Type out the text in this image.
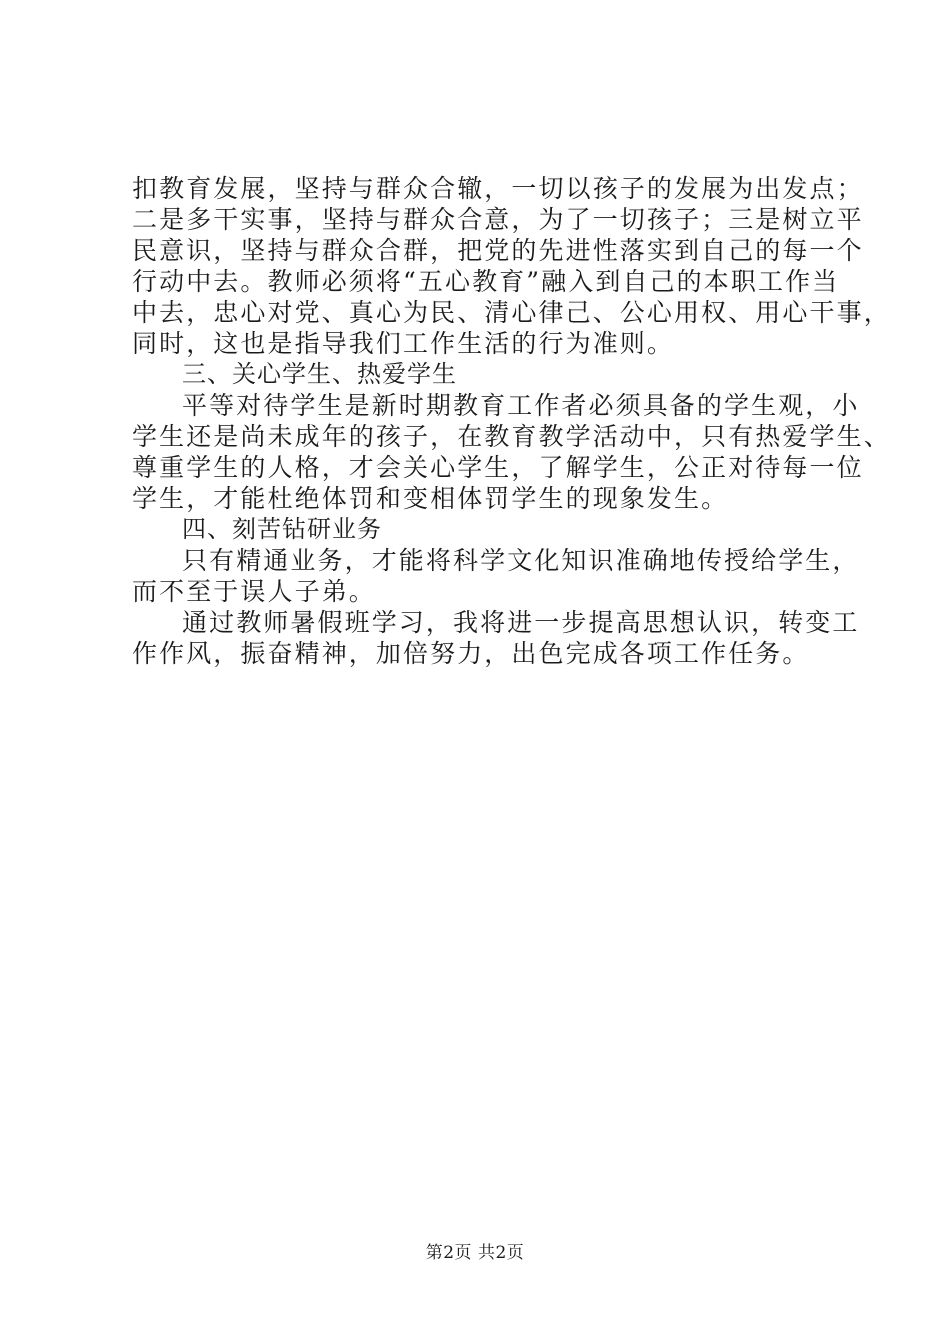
扣教育发展，坚持与群众合辙，一切以孩子的发展为出发点；
二是多干实事，坚持与群众合意，为了一切孩子；三是树立平
民意识，坚持与群众合群，把党的先进性落实到自己的每一个
行动中去。教师必须将“五心教育”融入到自己的本职工作当
中去，忠心对党、真心为民、清心律己、公心用权、用心干事，
同时，这也是指导我们工作生活的行为准则。
三、关心学生、热爱学生
平等对待学生是新时期教育工作者必须具备的学生观，小
学生还是尚未成年的孩子，在教育教学活动中，只有热爱学生、
尊重学生的人格，才会关心学生，了解学生，公正对待每一位
学生，才能杜绝体罚和变相体罚学生的现象发生。
四、刻苦钻研业务
只有精通业务，才能将科学文化知识准确地传授给学生，
而不至于误人子弟。
通过教师暑假班学习，我将进一步提高思想认识，转变工
作作风，振奋精神，加倍努力，出色完成各项工作任务。
第2页 共2页
